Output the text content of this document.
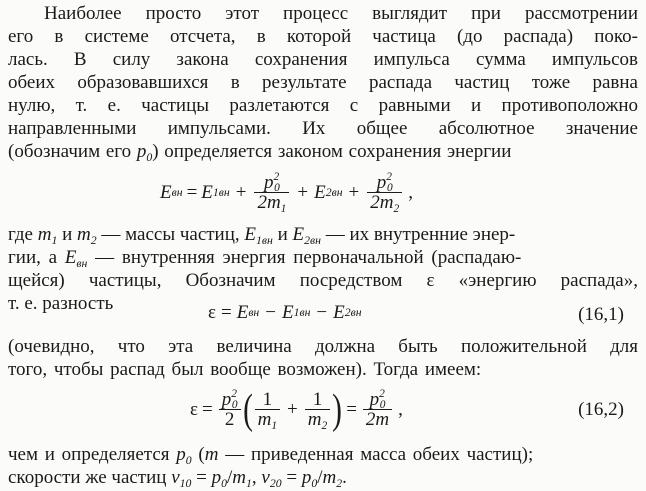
Наиболее просто этот процесс выглядит при рассмотрении
его в системе отсчета, в которой частица (до распада) поко-
лась. В силу закона сохранения импульса сумма импульсов
обеих образовавшихся в результате распада частиц тоже равна
нулю, т. е. частицы разлетаются с равными и противоположно
направленными импульсами. Их общее абсолютное значение
(обозначим его $p_0$) определяется законом сохранения энергии
E вн = E $1вн + \frac{p^2_0}{2m_1} + E$ $2вн + \frac{p^2_0}{2m_2}$ ,
где $m_1$ и $m_2$ — массы частиц, $E_{1вн}$ и $E_{2вн}$ — их внутренние энер-
гии, а $E_{вн}$ — внутренняя энергия первоначальной (распадаю-
щейся) частицы, Обозначим посредством ε «энергию распада»,
т. е. разность	ε = E вн − E 1вн − E 2вн	(16,1)
(очевидно, что эта величина должна быть положительной для
того, чтобы распад был вообще возможен). Тогда имеем:
$\varepsilon = \frac{p^2_0}{2}$ ( $\frac{1}{m_1} + \frac{1}{m_2}$ ) = $\frac{p^2_0}{2m}$ ,	(16,2)
чем и определяется $p_0$ (m — приведенная масса обеих частиц);
скорости же частиц $v_{10} = p_0/m_1$, $v_{20} = p_0/m_2$.
